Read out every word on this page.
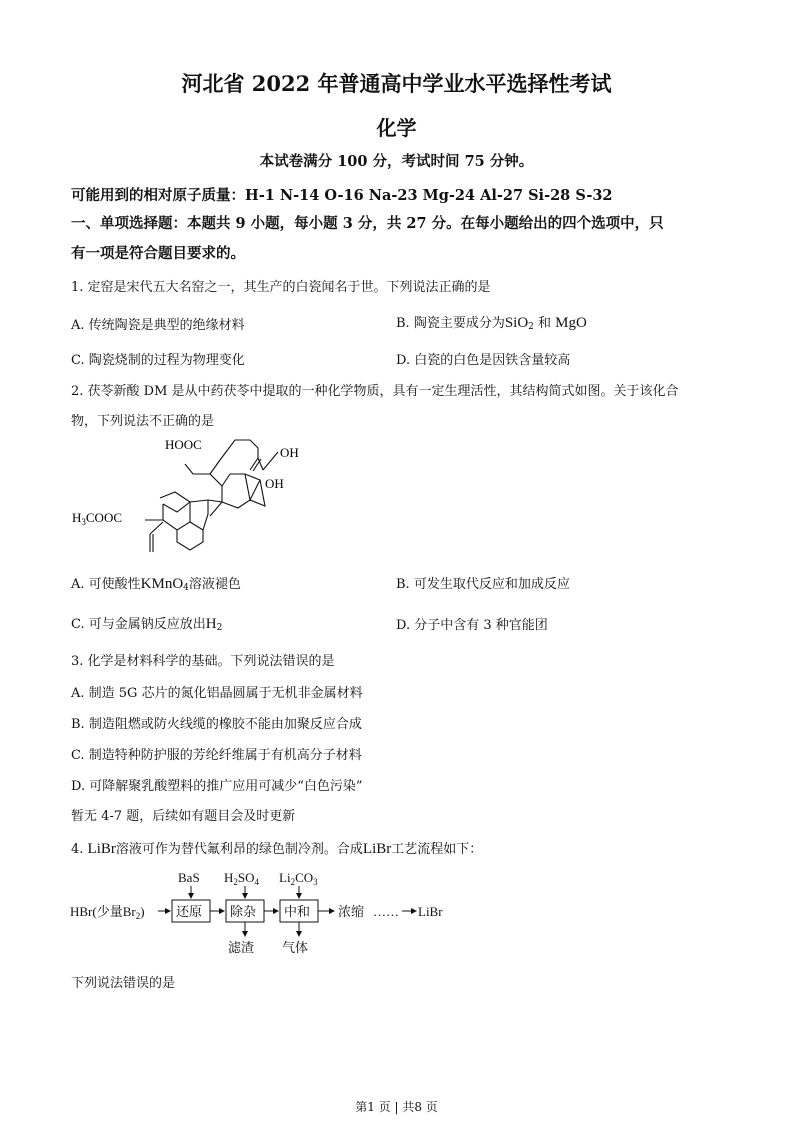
河北省 2022 年普通高中学业水平选择性考试
化学
本试卷满分 100 分，考试时间 75 分钟。
可能用到的相对原子质量：H-1 N-14 O-16 Na-23 Mg-24 Al-27 Si-28 S-32
一、单项选择题：本题共 9 小题，每小题 3 分，共 27 分。在每小题给出的四个选项中，只
有一项是符合题目要求的。
1. 定窑是宋代五大名窑之一，其生产的白瓷闻名于世。下列说法正确的是
A. 传统陶瓷是典型的绝缘材料	B. 陶瓷主要成分为SiO$_2$ 和 MgO
C. 陶瓷烧制的过程为物理变化	D. 白瓷的白色是因铁含量较高
2. 茯苓新酸 DM 是从中药茯苓中提取的一种化学物质，具有一定生理活性，其结构简式如图。关于该化合
物，下列说法不正确的是
HOOC
OH
OH
$H_3COOC$
A. 可使酸性KMnO$_4$溶液褪色	B. 可发生取代反应和加成反应
C. 可与金属钠反应放出$H_2$	D. 分子中含有 3 种官能团
3. 化学是材料科学的基础。下列说法错误的是
A. 制造 5G 芯片的氮化铝晶圆属于无机非金属材料
B. 制造阻燃或防火线缆的橡胶不能由加聚反应合成
C. 制造特种防护服的芳纶纤维属于有机高分子材料
D. 可降解聚乳酸塑料的推广应用可减少“白色污染”
暂无 4-7 题，后续如有题目会及时更新
4. LiBr溶液可作为替代氟利昂的绿色制冷剂。合成LiBr工艺流程如下：
HBr(少量$Br_2$)
BaS $H_2SO_4$ $Li_2CO_3$
还原 除杂 中和 浓缩 …… LiBr
滤渣 气体
下列说法错误的是
第1 页 | 共8 页
